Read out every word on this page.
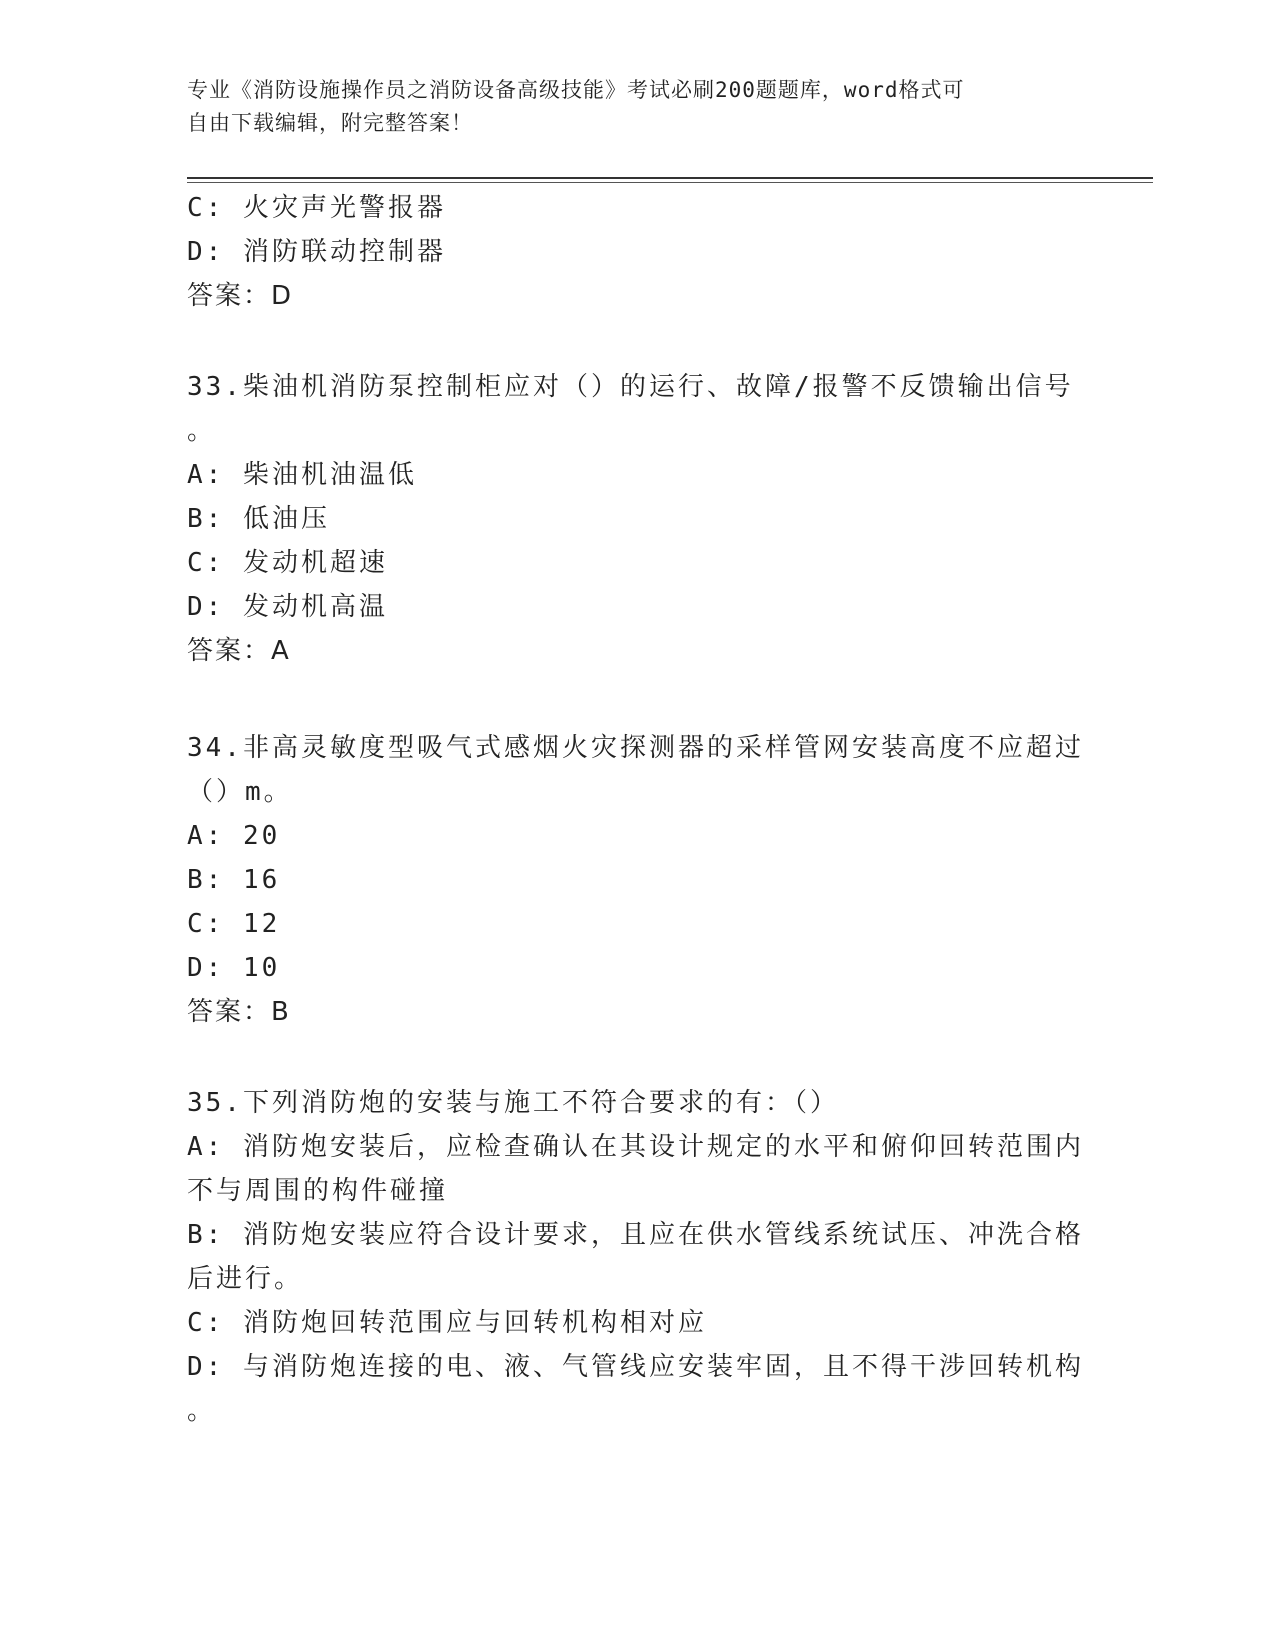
专业《消防设施操作员之消防设备高级技能》考试必刷200题题库，word格式可
自由下载编辑，附完整答案！
C: 火灾声光警报器
D: 消防联动控制器
答案：D
33.柴油机消防泵控制柜应对（）的运行、故障/报警不反馈输出信号
。
A: 柴油机油温低
B: 低油压
C: 发动机超速
D: 发动机高温
答案：A
34.非高灵敏度型吸气式感烟火灾探测器的采样管网安装高度不应超过
（）m。
A: 20
B: 16
C: 12
D: 10
答案：B
35.下列消防炮的安装与施工不符合要求的有：（）
A: 消防炮安装后，应检查确认在其设计规定的水平和俯仰回转范围内
不与周围的构件碰撞
B: 消防炮安装应符合设计要求，且应在供水管线系统试压、冲洗合格
后进行。
C: 消防炮回转范围应与回转机构相对应
D: 与消防炮连接的电、液、气管线应安装牢固，且不得干涉回转机构
。
